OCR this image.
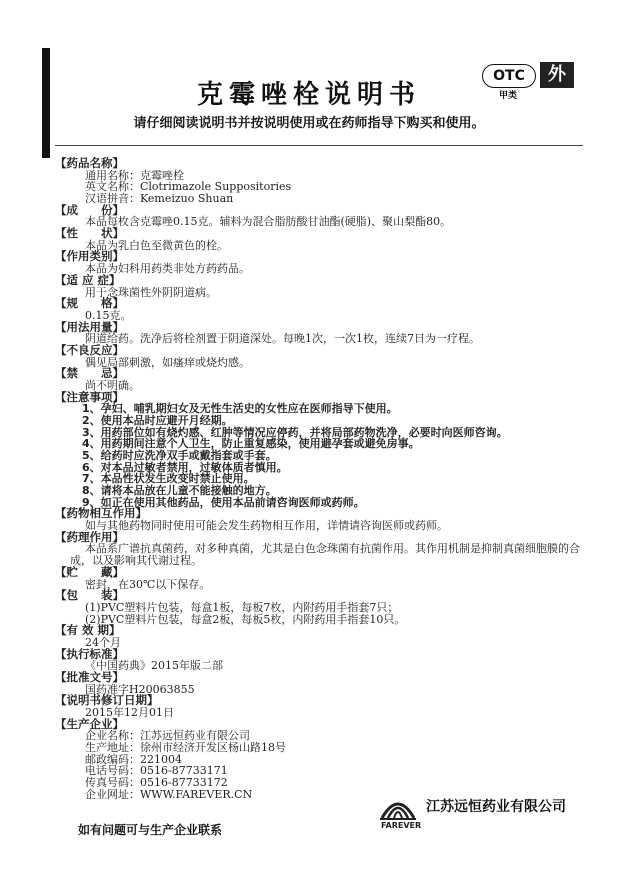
克霉唑栓说明书
OTC
甲类
外
请仔细阅读说明书并按说明使用或在药师指导下购买和使用。
【药品名称】
通用名称：克霉唑栓
英文名称：Clotrimazole Suppositories
汉语拼音：Kemeizuo Shuan
【成　　份】
本品每枚含克霉唑0.15克。辅料为混合脂肪酸甘油酯(硬脂)、聚山梨酯80。
【性　　状】
本品为乳白色至微黄色的栓。
【作用类别】
本品为妇科用药类非处方药药品。
【适 应 症】
用于念珠菌性外阴阴道病。
【规　　格】
0.15克。
【用法用量】
阴道给药。洗净后将栓剂置于阴道深处。每晚1次，一次1枚，连续7日为一疗程。
【不良反应】
偶见局部刺激，如瘙痒或烧灼感。
【禁　　忌】
尚不明确。
【注意事项】
1、孕妇、哺乳期妇女及无性生活史的女性应在医师指导下使用。
2、使用本品时应避开月经期。
3、用药部位如有烧灼感、红肿等情况应停药，并将局部药物洗净，必要时向医师咨询。
4、用药期间注意个人卫生，防止重复感染，使用避孕套或避免房事。
5、给药时应洗净双手或戴指套或手套。
6、对本品过敏者禁用，过敏体质者慎用。
7、本品性状发生改变时禁止使用。
8、请将本品放在儿童不能接触的地方。
9、如正在使用其他药品，使用本品前请咨询医师或药师。
【药物相互作用】
如与其他药物同时使用可能会发生药物相互作用，详情请咨询医师或药师。
【药理作用】
本品系广谱抗真菌药，对多种真菌，尤其是白色念珠菌有抗菌作用。其作用机制是抑制真菌细胞膜的合
成，以及影响其代谢过程。
【贮　　藏】
密封，在30℃以下保存。
【包　　装】
(1)PVC塑料片包装，每盒1板，每板7枚，内附药用手指套7只；
(2)PVC塑料片包装，每盒2板，每板5枚，内附药用手指套10只。
【有 效 期】
24个月
【执行标准】
《中国药典》2015年版二部
【批准文号】
国药准字H20063855
【说明书修订日期】
2015年12月01日
【生产企业】
企业名称：江苏远恒药业有限公司
生产地址：徐州市经济开发区杨山路18号
邮政编码：221004
电话号码：0516-87733171
传真号码：0516-87733172
企业网址：WWW.FAREVER.CN
FAREVER
江苏远恒药业有限公司
如有问题可与生产企业联系
